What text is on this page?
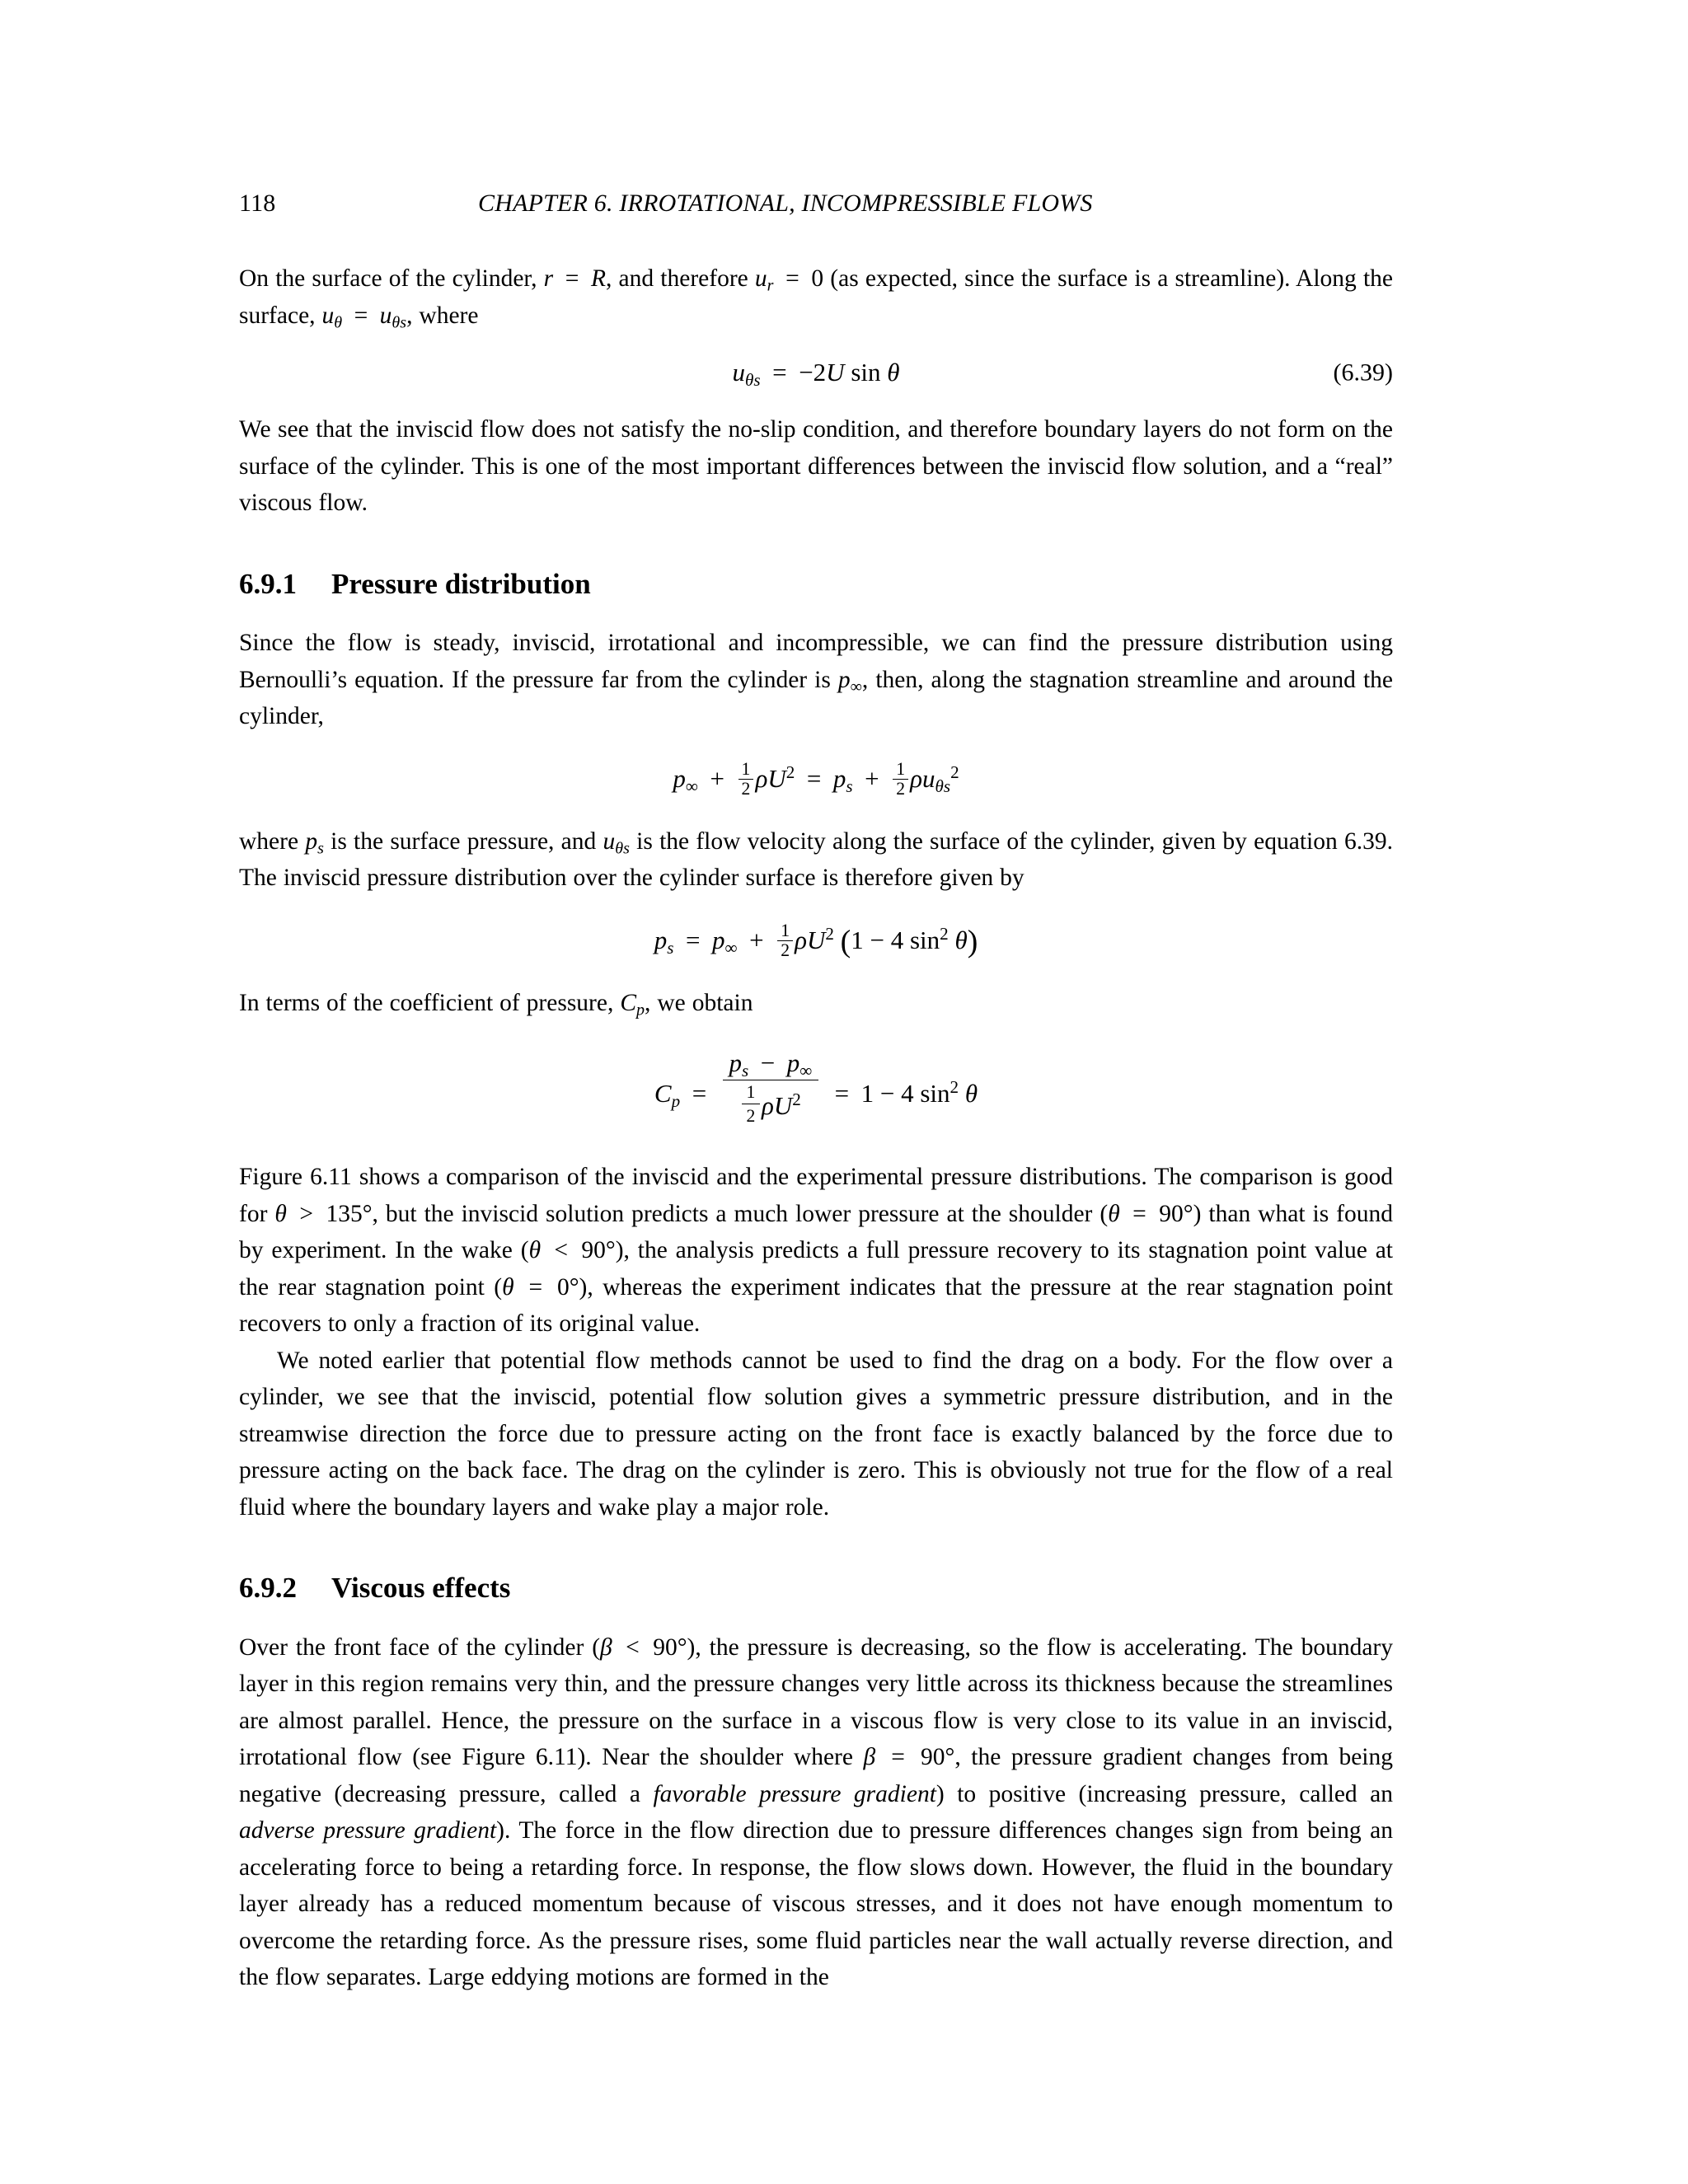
118	CHAPTER 6. IRROTATIONAL, INCOMPRESSIBLE FLOWS

On the surface of the cylinder, r = R, and therefore $u_r = 0$ (as expected, since the surface is a streamline). Along the surface, $u_\theta = u_{\theta s}$, where

$u_{\theta s} = -2U$ sin θ	(6.39)

We see that the inviscid flow does not satisfy the no-slip condition, and therefore boundary layers do not form on the surface of the cylinder. This is one of the most important differences between the inviscid flow solution, and a “real” viscous flow.

6.9.1	Pressure distribution

Since the flow is steady, inviscid, irrotational and incompressible, we can find the pressure distribution using Bernoulli’s equation. If the pressure far from the cylinder is $p_\infty$, then, along the stagnation streamline and around the cylinder,

$p_\infty + \frac{1}{2} \rho U^2 = p_s + \frac{1}{2} \rho u_{\theta s}^2$

where $p_s$ is the surface pressure, and $u_{\theta s}$ is the flow velocity along the surface of the cylinder, given by equation 6.39. The inviscid pressure distribution over the cylinder surface is therefore given by

$p_s = p_\infty + \frac{1}{2} \rho U^2$ (1 − 4 $\sin^2 \theta$)

In terms of the coefficient of pressure, $C_p$, we obtain

$C_p = \frac{p_s - p_\infty}{\frac{1}{2} \rho U^2} = 1 - 4$ $\sin^2 \theta$

Figure 6.11 shows a comparison of the inviscid and the experimental pressure distributions. The comparison is good for θ > 135°, but the inviscid solution predicts a much lower pressure at the shoulder (θ = 90°) than what is found by experiment. In the wake (θ < 90°), the analysis predicts a full pressure recovery to its stagnation point value at the rear stagnation point (θ = 0°), whereas the experiment indicates that the pressure at the rear stagnation point recovers to only a fraction of its original value.

We noted earlier that potential flow methods cannot be used to find the drag on a body. For the flow over a cylinder, we see that the inviscid, potential flow solution gives a symmetric pressure distribution, and in the streamwise direction the force due to pressure acting on the front face is exactly balanced by the force due to pressure acting on the back face. The drag on the cylinder is zero. This is obviously not true for the flow of a real fluid where the boundary layers and wake play a major role.

6.9.2	Viscous effects

Over the front face of the cylinder (β < 90°), the pressure is decreasing, so the flow is accelerating. The boundary layer in this region remains very thin, and the pressure changes very little across its thickness because the streamlines are almost parallel. Hence, the pressure on the surface in a viscous flow is very close to its value in an inviscid, irrotational flow (see Figure 6.11). Near the shoulder where β = 90°, the pressure gradient changes from being negative (decreasing pressure, called a favorable pressure gradient) to positive (increasing pressure, called an adverse pressure gradient). The force in the flow direction due to pressure differences changes sign from being an accelerating force to being a retarding force. In response, the flow slows down. However, the fluid in the boundary layer already has a reduced momentum because of viscous stresses, and it does not have enough momentum to overcome the retarding force. As the pressure rises, some fluid particles near the wall actually reverse direction, and the flow separates. Large eddying motions are formed in the
